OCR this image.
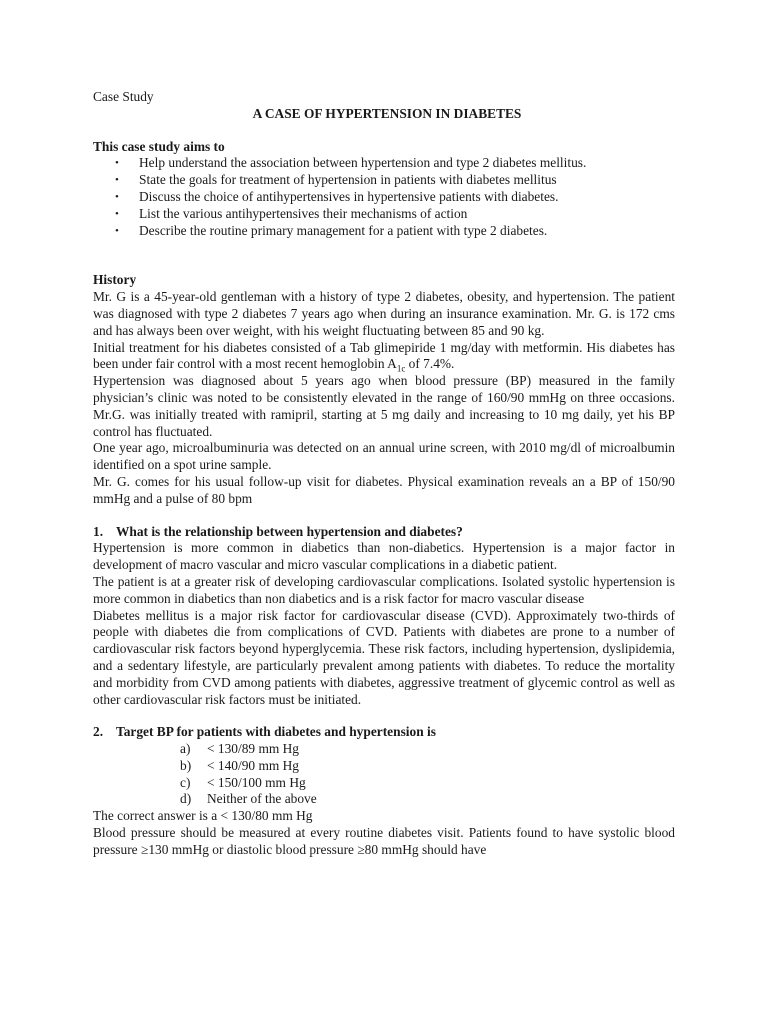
Case Study

A CASE OF HYPERTENSION IN DIABETES

This case study aims to

• Help understand the association between hypertension and type 2 diabetes mellitus.
• State the goals for treatment of hypertension in patients with diabetes mellitus
• Discuss the choice of antihypertensives in hypertensive patients with diabetes.
• List the various antihypertensives their mechanisms of action
• Describe the routine primary management for a patient with type 2 diabetes.

History

Mr. G is a 45-year-old gentleman with a history of type 2 diabetes, obesity, and hypertension. The patient was diagnosed with type 2 diabetes 7 years ago when during an insurance examination. Mr. G. is 172 cms and has always been over weight, with his weight fluctuating between 85 and 90 kg.

Initial treatment for his diabetes consisted of a Tab glimepiride 1 mg/day with metformin. His diabetes has been under fair control with a most recent hemoglobin $A_{1c}$ of 7.4%.

Hypertension was diagnosed about 5 years ago when blood pressure (BP) measured in the family physician’s clinic was noted to be consistently elevated in the range of 160/90 mmHg on three occasions. Mr.G. was initially treated with ramipril, starting at 5 mg daily and increasing to 10 mg daily, yet his BP control has fluctuated.

One year ago, microalbuminuria was detected on an annual urine screen, with 2010 mg/dl of microalbumin identified on a spot urine sample.

Mr. G. comes for his usual follow-up visit for diabetes. Physical examination reveals an a BP of 150/90 mmHg and a pulse of 80 bpm

1. What is the relationship between hypertension and diabetes?

Hypertension is more common in diabetics than non-diabetics. Hypertension is a major factor in development of macro vascular and micro vascular complications in a diabetic patient.

The patient is at a greater risk of developing cardiovascular complications. Isolated systolic hypertension is more common in diabetics than non diabetics and is a risk factor for macro vascular disease

Diabetes mellitus is a major risk factor for cardiovascular disease (CVD). Approximately two-thirds of people with diabetes die from complications of CVD. Patients with diabetes are prone to a number of cardiovascular risk factors beyond hyperglycemia. These risk factors, including hypertension, dyslipidemia, and a sedentary lifestyle, are particularly prevalent among patients with diabetes. To reduce the mortality and morbidity from CVD among patients with diabetes, aggressive treatment of glycemic control as well as other cardiovascular risk factors must be initiated.

2. Target BP for patients with diabetes and hypertension is

a) < 130/89 mm Hg
b) < 140/90 mm Hg
c) < 150/100 mm Hg
d) Neither of the above

The correct answer is a < 130/80 mm Hg

Blood pressure should be measured at every routine diabetes visit. Patients found to have systolic blood pressure ≥130 mmHg or diastolic blood pressure ≥80 mmHg should have
